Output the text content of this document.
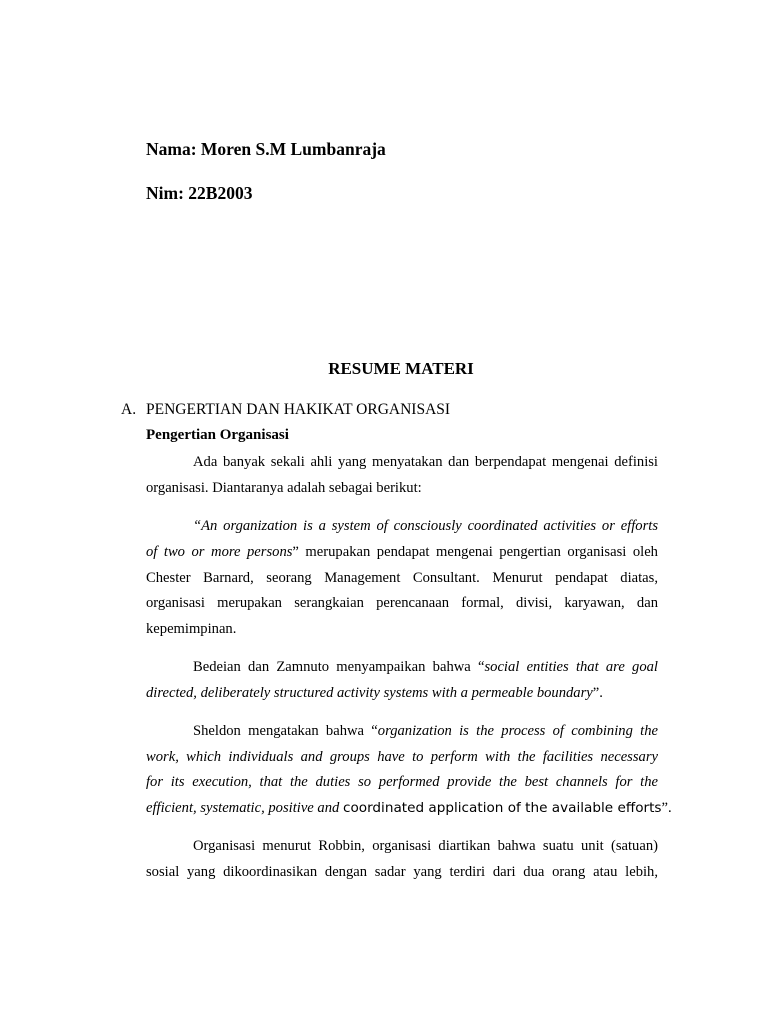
Nama: Moren S.M Lumbanraja
Nim: 22B2003
RESUME MATERI
A. PENGERTIAN DAN HAKIKAT ORGANISASI
Pengertian Organisasi
Ada banyak sekali ahli yang menyatakan dan berpendapat mengenai definisi
organisasi. Diantaranya adalah sebagai berikut:
“An organization is a system of consciously coordinated activities or efforts
of two or more persons” merupakan pendapat mengenai pengertian organisasi oleh
Chester Barnard, seorang Management Consultant. Menurut pendapat diatas,
organisasi merupakan serangkaian perencanaan formal, divisi, karyawan, dan
kepemimpinan.
Bedeian dan Zamnuto menyampaikan bahwa “social entities that are goal
directed, deliberately structured activity systems with a permeable boundary”.
Sheldon mengatakan bahwa “organization is the process of combining the
work, which individuals and groups have to perform with the facilities necessary
for its execution, that the duties so performed provide the best channels for the
efficient, systematic, positive and coordinated application of the available efforts”.
Organisasi menurut Robbin, organisasi diartikan bahwa suatu unit (satuan)
sosial yang dikoordinasikan dengan sadar yang terdiri dari dua orang atau lebih,
